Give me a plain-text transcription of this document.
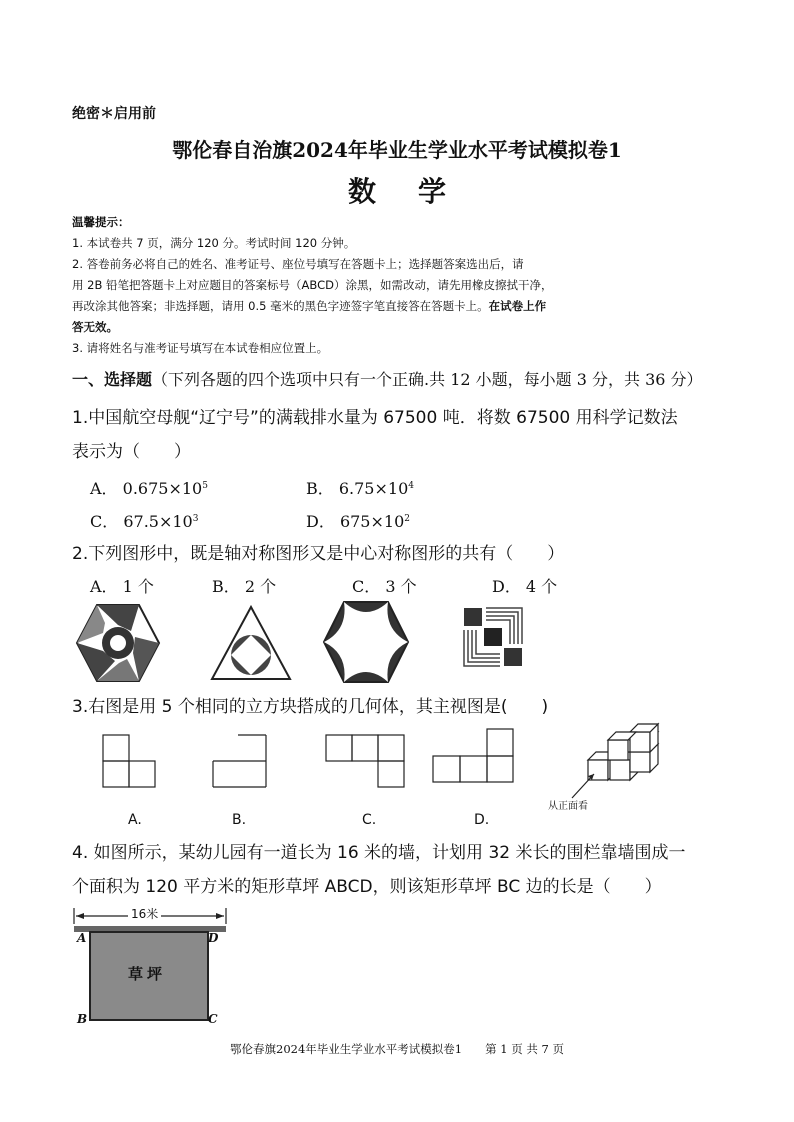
绝密＊启用前
鄂伦春自治旗2024年毕业生学业水平考试模拟卷1
数学

温馨提示：

1. 本试卷共 7 页，满分 120 分。考试时间 120 分钟。

2. 答卷前务必将自己的姓名、准考证号、座位号填写在答题卡上；选择题答案选出后，请

用 2B 铅笔把答题卡上对应题目的答案标号（ABCD）涂黑，如需改动，请先用橡皮擦拭干净，

再改涂其他答案；非选择题，请用 0.5 毫米的黑色字迹签字笔直接答在答题卡上。在试卷上作

答无效。

3. 请将姓名与准考证号填写在本试卷相应位置上。

一、选择题（下列各题的四个选项中只有一个正确.共 12 小题，每小题 3 分，共 36 分）
1.中国航空母舰“辽宁号”的满载排水量为 67500 吨．将数 67500 用科学记数法
表示为（　　）
A． $0.675\times 10^5$	B． $6.75\times 10^4$
C． $67.5\times 10^3$	D． $675\times 10^2$
2.下列图形中，既是轴对称图形又是中心对称图形的共有（　　）
A． 1 个	B． 2 个	C． 3 个	D． 4 个
3.右图是用 5 个相同的立方块搭成的几何体，其主视图是(　　)
从正面看
A.	B.	C.	D.
4. 如图所示，某幼儿园有一道长为 16 米的墙，计划用 32 米长的围栏靠墙围成一
个面积为 120 平方米的矩形草坪 ABCD，则该矩形草坪 BC 边的长是（　　）
16米
草坪
A	D
B	C
鄂伦春旗2024年毕业生学业水平考试模拟卷1　　第 1 页 共 7 页
